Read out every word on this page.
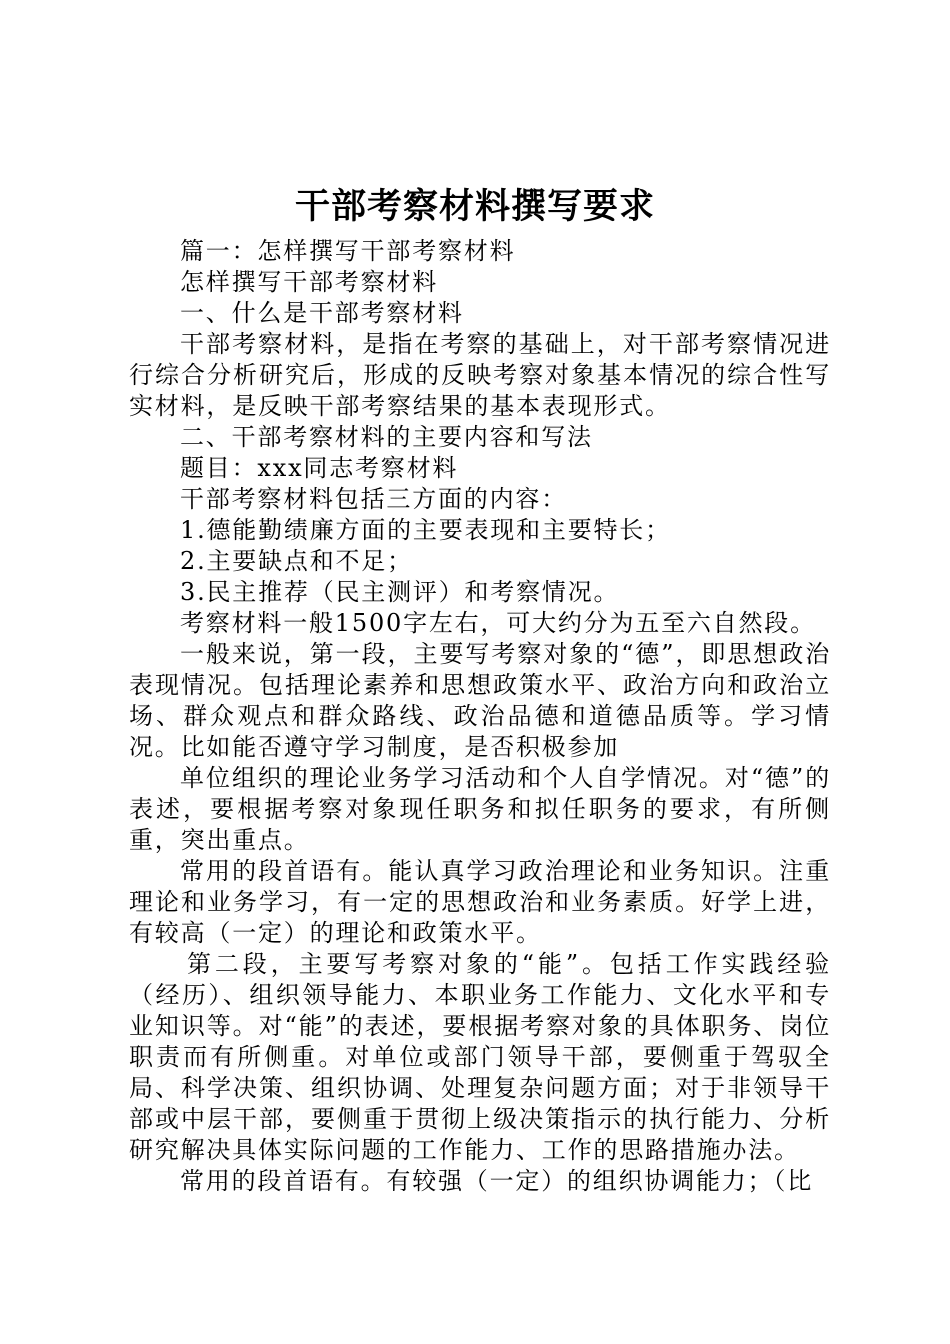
干部考察材料撰写要求

篇一：怎样撰写干部考察材料

怎样撰写干部考察材料

一、什么是干部考察材料

干部考察材料，是指在考察的基础上，对干部考察情况进行综合分析研究后，形成的反映考察对象基本情况的综合性写实材料，是反映干部考察结果的基本表现形式。

二、干部考察材料的主要内容和写法

题目：xxx同志考察材料

干部考察材料包括三方面的内容：

1.德能勤绩廉方面的主要表现和主要特长；

2.主要缺点和不足；

3.民主推荐（民主测评）和考察情况。

考察材料一般1500字左右，可大约分为五至六自然段。

一般来说，第一段，主要写考察对象的“德”，即思想政治表现情况。包括理论素养和思想政策水平、政治方向和政治立场、群众观点和群众路线、政治品德和道德品质等。学习情况。比如能否遵守学习制度，是否积极参加

单位组织的理论业务学习活动和个人自学情况。对“德”的表述，要根据考察对象现任职务和拟任职务的要求，有所侧重，突出重点。

常用的段首语有。能认真学习政治理论和业务知识。注重理论和业务学习，有一定的思想政治和业务素质。好学上进，有较高（一定）的理论和政策水平。

第二段，主要写考察对象的“能”。包括工作实践经验（经历）、组织领导能力、本职业务工作能力、文化水平和专业知识等。对“能”的表述，要根据考察对象的具体职务、岗位职责而有所侧重。对单位或部门领导干部，要侧重于驾驭全局、科学决策、组织协调、处理复杂问题方面；对于非领导干部或中层干部，要侧重于贯彻上级决策指示的执行能力、分析研究解决具体实际问题的工作能力、工作的思路措施办法。

常用的段首语有。有较强（一定）的组织协调能力；（比
